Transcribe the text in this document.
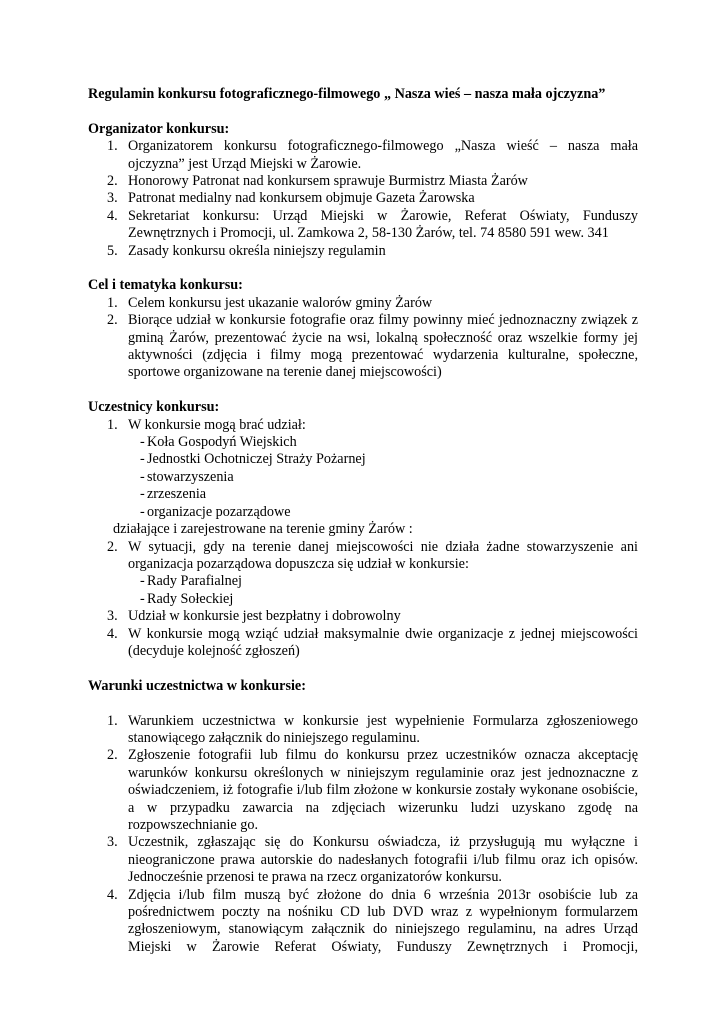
Regulamin konkursu fotograficznego-filmowego „ Nasza wieś – nasza mała ojczyzna”

Organizator konkursu:

1. Organizatorem konkursu fotograficznego-filmowego „Nasza wieść – nasza mała ojczyzna” jest Urząd Miejski w Żarowie.
2. Honorowy Patronat nad konkursem sprawuje Burmistrz Miasta Żarów
3. Patronat medialny nad konkursem objmuje Gazeta Żarowska
4. Sekretariat konkursu: Urząd Miejski w Żarowie, Referat Oświaty, Funduszy Zewnętrznych i Promocji, ul. Zamkowa 2, 58-130 Żarów, tel. 74 8580 591 wew. 341
5. Zasady konkursu określa niniejszy regulamin

Cel i tematyka konkursu:

1. Celem konkursu jest ukazanie walorów gminy Żarów
2. Biorące udział w konkursie fotografie oraz filmy powinny mieć jednoznaczny związek z gminą Żarów, prezentować życie na wsi, lokalną społeczność oraz wszelkie formy jej aktywności (zdjęcia i filmy mogą prezentować wydarzenia kulturalne, społeczne, sportowe organizowane na terenie danej miejscowości)

Uczestnicy konkursu:

1. W konkursie mogą brać udział:
- Koła Gospodyń Wiejskich
- Jednostki Ochotniczej Straży Pożarnej
- stowarzyszenia
- zrzeszenia
- organizacje pozarządowe

działające i zarejestrowane na terenie gminy Żarów :

2. W sytuacji, gdy na terenie danej miejscowości nie działa żadne stowarzyszenie ani organizacja pozarządowa dopuszcza się udział w konkursie:
- Rady Parafialnej
- Rady Sołeckiej
3. Udział w konkursie jest bezpłatny i dobrowolny
4. W konkursie mogą wziąć udział maksymalnie dwie organizacje z jednej miejscowości (decyduje kolejność zgłoszeń)

Warunki uczestnictwa w konkursie:

1. Warunkiem uczestnictwa w konkursie jest wypełnienie Formularza zgłoszeniowego stanowiącego załącznik do niniejszego regulaminu.
2. Zgłoszenie fotografii lub filmu do konkursu przez uczestników oznacza akceptację warunków konkursu określonych w niniejszym regulaminie oraz jest jednoznaczne z oświadczeniem, iż fotografie i/lub film złożone w konkursie zostały wykonane osobiście, a w przypadku zawarcia na zdjęciach wizerunku ludzi uzyskano zgodę na rozpowszechnianie go.
3. Uczestnik, zgłaszając się do Konkursu oświadcza, iż przysługują mu wyłączne i nieograniczone prawa autorskie do nadesłanych fotografii i/lub filmu oraz ich opisów. Jednocześnie przenosi te prawa na rzecz organizatorów konkursu.
4. Zdjęcia i/lub film muszą być złożone do dnia 6 września 2013r osobiście lub za pośrednictwem poczty na nośniku CD lub DVD wraz z wypełnionym formularzem zgłoszeniowym, stanowiącym załącznik do niniejszego regulaminu, na adres Urząd Miejski w Żarowie Referat Oświaty, Funduszy Zewnętrznych i Promocji,
